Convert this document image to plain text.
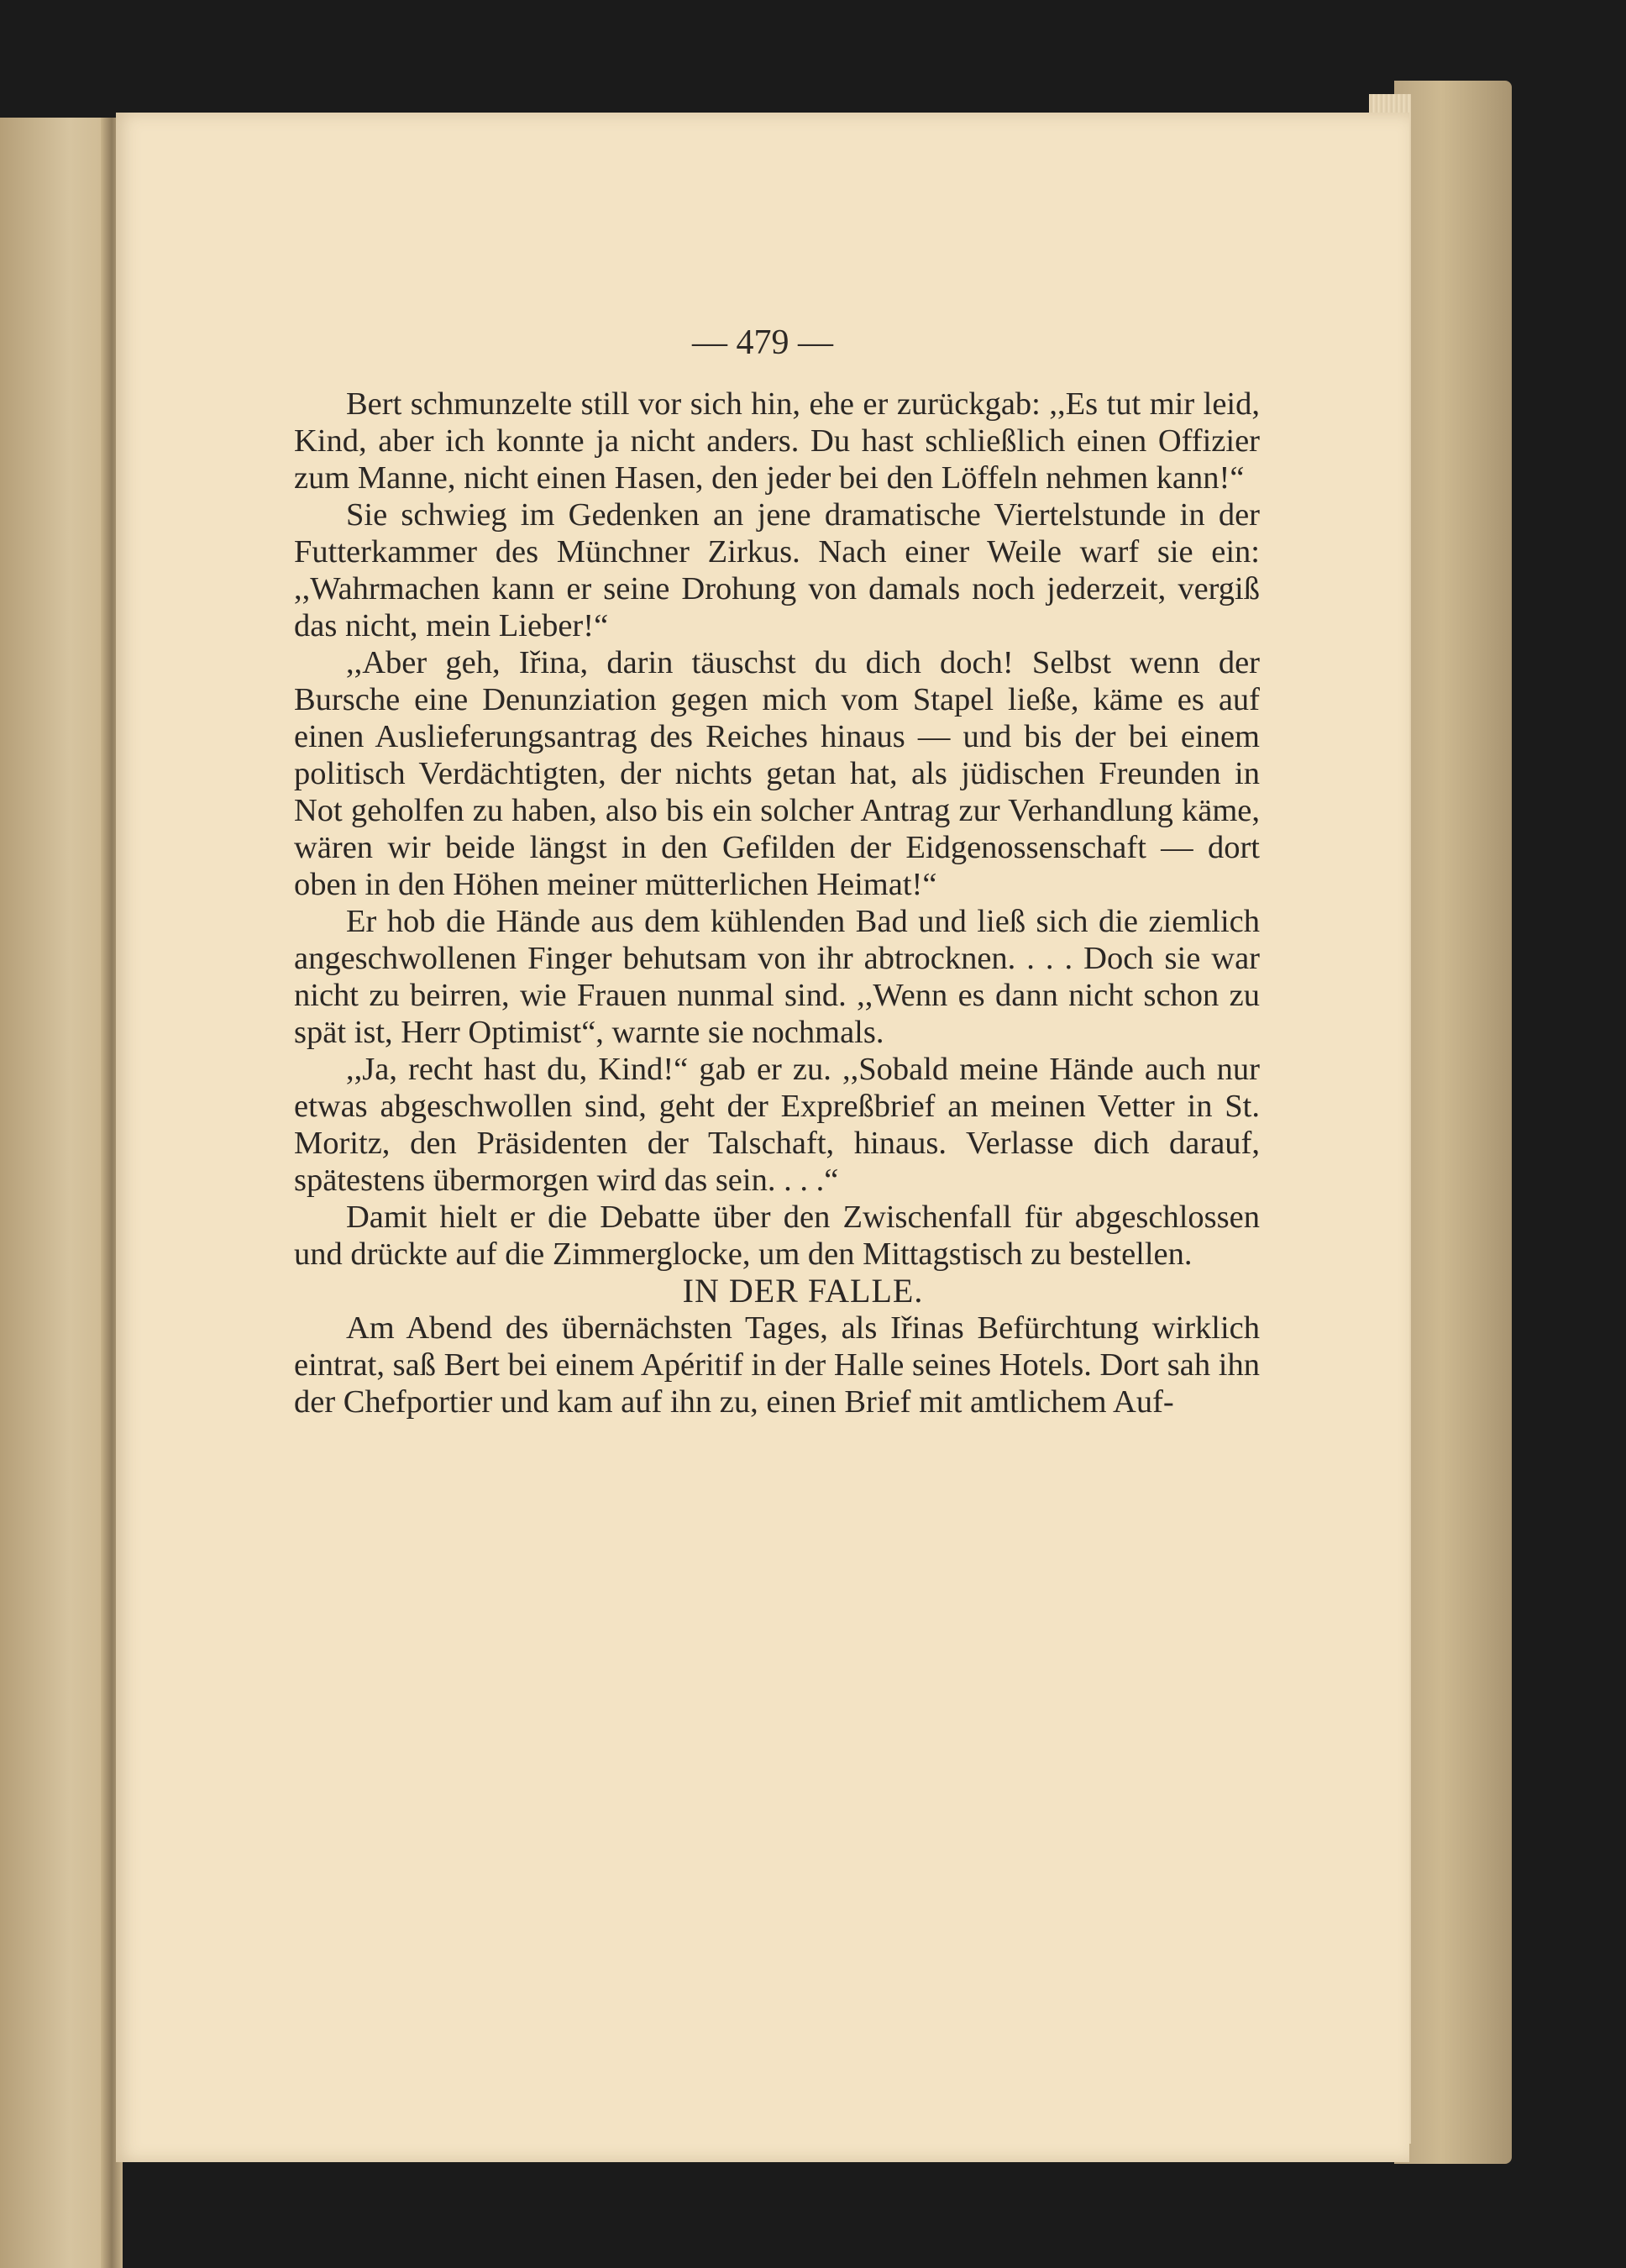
— 479 —

Bert schmunzelte still vor sich hin, ehe er zurückgab: ,,Es tut mir leid, Kind, aber ich konnte ja nicht anders. Du hast schließlich einen Offizier zum Manne, nicht einen Hasen, den jeder bei den Löffeln nehmen kann!“

Sie schwieg im Gedenken an jene dramatische Viertelstunde in der Futterkammer des Münchner Zirkus. Nach einer Weile warf sie ein: ,,Wahrmachen kann er seine Drohung von damals noch jederzeit, vergiß das nicht, mein Lieber!“

,,Aber geh, Iřina, darin täuschst du dich doch! Selbst wenn der Bursche eine Denunziation gegen mich vom Stapel ließe, käme es auf einen Auslieferungsantrag des Reiches hinaus — und bis der bei einem politisch Verdächtigten, der nichts getan hat, als jüdischen Freunden in Not geholfen zu haben, also bis ein solcher Antrag zur Verhandlung käme, wären wir beide längst in den Gefilden der Eidgenossenschaft — dort oben in den Höhen meiner mütterlichen Heimat!“

Er hob die Hände aus dem kühlenden Bad und ließ sich die ziemlich angeschwollenen Finger behutsam von ihr abtrocknen. . . . Doch sie war nicht zu beirren, wie Frauen nunmal sind. ,,Wenn es dann nicht schon zu spät ist, Herr Optimist“, warnte sie nochmals.

,,Ja, recht hast du, Kind!“ gab er zu. ,,Sobald meine Hände auch nur etwas abgeschwollen sind, geht der Expreßbrief an meinen Vetter in St. Moritz, den Präsidenten der Talschaft, hinaus. Verlasse dich darauf, spätestens übermorgen wird das sein. . . .“

Damit hielt er die Debatte über den Zwischenfall für abgeschlossen und drückte auf die Zimmerglocke, um den Mittagstisch zu bestellen.

IN DER FALLE.

Am Abend des übernächsten Tages, als Iřinas Befürchtung wirklich eintrat, saß Bert bei einem Apéritif in der Halle seines Hotels. Dort sah ihn der Chefportier und kam auf ihn zu, einen Brief mit amtlichem Auf-
